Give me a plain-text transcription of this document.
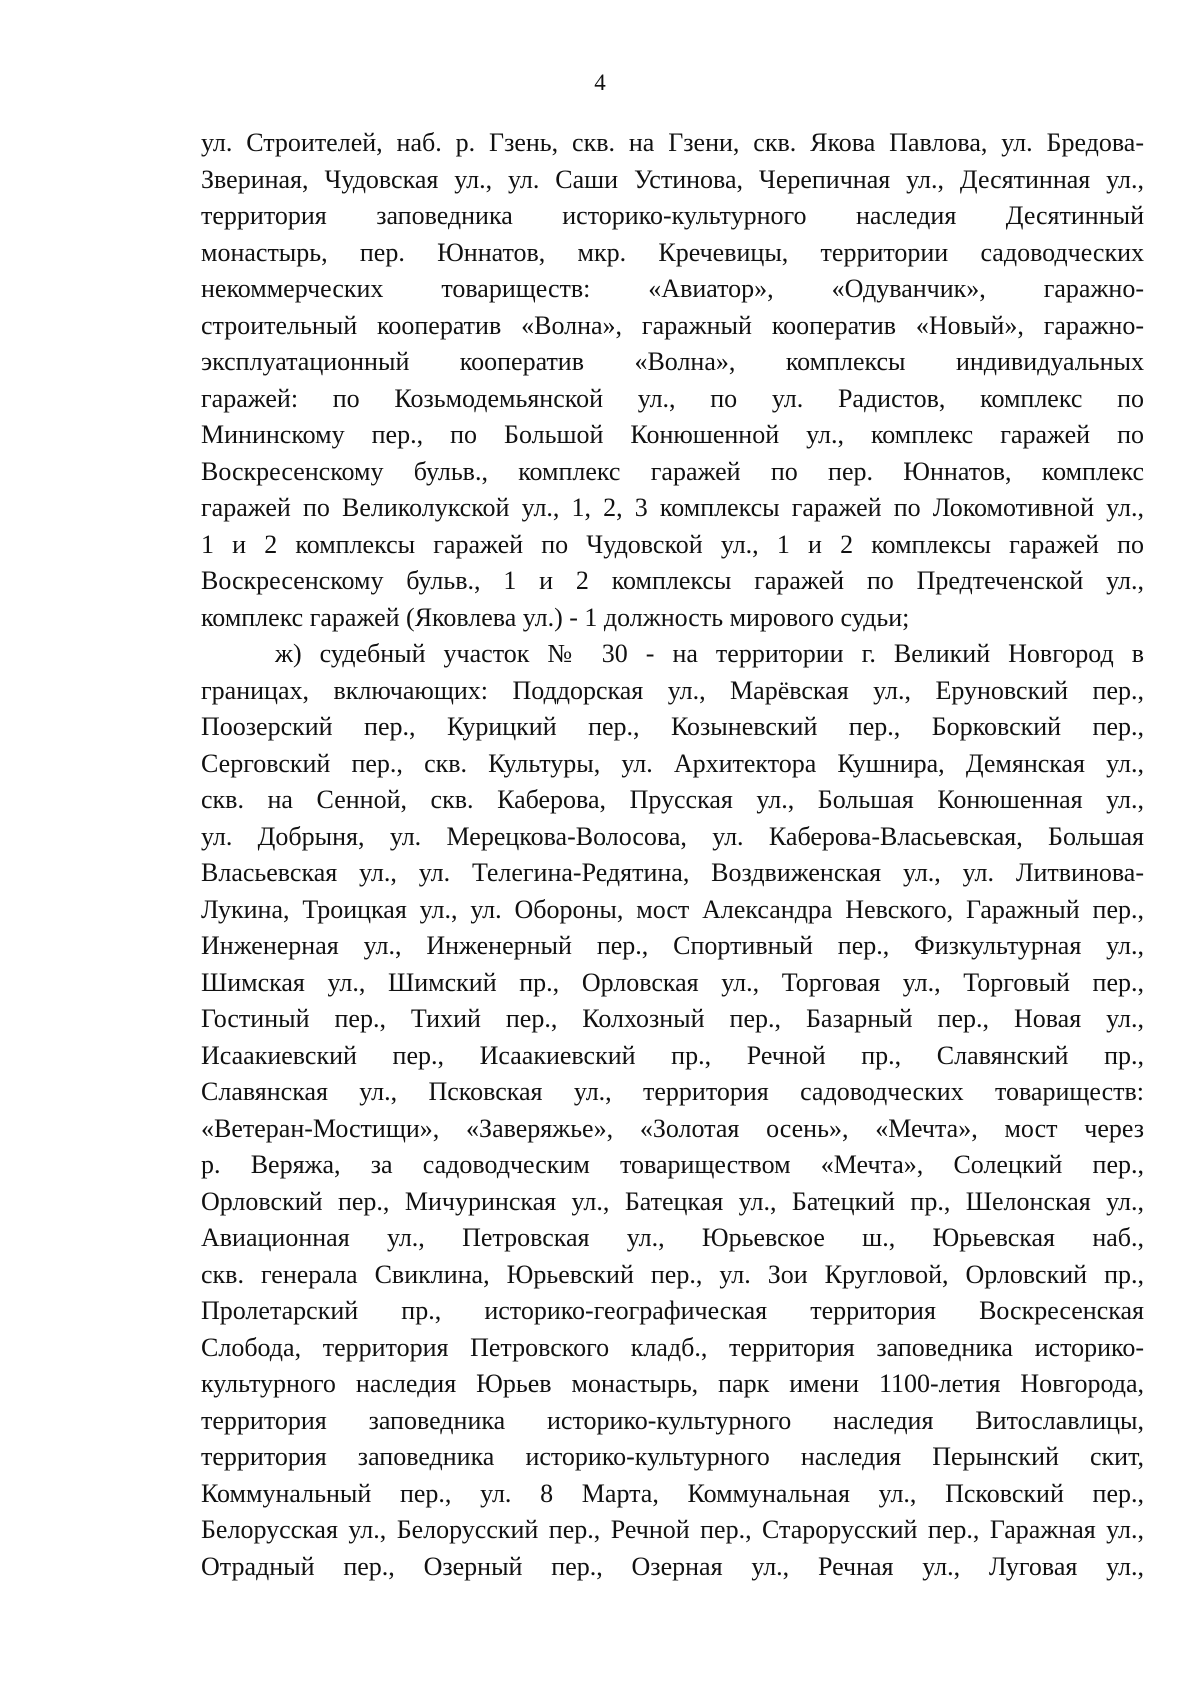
4
ул. Строителей, наб. р. Гзень, скв. на Гзени, скв. Якова Павлова, ул. Бредова-
Звериная, Чудовская ул., ул. Саши Устинова, Черепичная ул., Десятинная ул.,
территория заповедника историко-культурного наследия Десятинный
монастырь, пер. Юннатов, мкр. Кречевицы, территории садоводческих
некоммерческих товариществ: «Авиатор», «Одуванчик», гаражно-
строительный кооператив «Волна», гаражный кооператив «Новый», гаражно-
эксплуатационный кооператив «Волна», комплексы индивидуальных
гаражей: по Козьмодемьянской ул., по ул. Радистов, комплекс по
Мининскому пер., по Большой Конюшенной ул., комплекс гаражей по
Воскресенскому бульв., комплекс гаражей по пер. Юннатов, комплекс
гаражей по Великолукской ул., 1, 2, 3 комплексы гаражей по Локомотивной ул.,
1 и 2 комплексы гаражей по Чудовской ул., 1 и 2 комплексы гаражей по
Воскресенскому бульв., 1 и 2 комплексы гаражей по Предтеченской ул.,
комплекс гаражей (Яковлева ул.) - 1 должность мирового судьи;
ж) судебный участок № 30 - на территории г. Великий Новгород в
границах, включающих: Поддорская ул., Марёвская ул., Еруновский пер.,
Поозерский пер., Курицкий пер., Козыневский пер., Борковский пер.,
Серговский пер., скв. Культуры, ул. Архитектора Кушнира, Демянская ул.,
скв. на Сенной, скв. Каберова, Прусская ул., Большая Конюшенная ул.,
ул. Добрыня, ул. Мерецкова-Волосова, ул. Каберова-Власьевская, Большая
Власьевская ул., ул. Телегина-Редятина, Воздвиженская ул., ул. Литвинова-
Лукина, Троицкая ул., ул. Обороны, мост Александра Невского, Гаражный пер.,
Инженерная ул., Инженерный пер., Спортивный пер., Физкультурная ул.,
Шимская ул., Шимский пр., Орловская ул., Торговая ул., Торговый пер.,
Гостиный пер., Тихий пер., Колхозный пер., Базарный пер., Новая ул.,
Исаакиевский пер., Исаакиевский пр., Речной пр., Славянский пр.,
Славянская ул., Псковская ул., территория садоводческих товариществ:
«Ветеран-Мостищи», «Заверяжье», «Золотая осень», «Мечта», мост через
р. Веряжа, за садоводческим товариществом «Мечта», Солецкий пер.,
Орловский пер., Мичуринская ул., Батецкая ул., Батецкий пр., Шелонская ул.,
Авиационная ул., Петровская ул., Юрьевское ш., Юрьевская наб.,
скв. генерала Свиклина, Юрьевский пер., ул. Зои Кругловой, Орловский пр.,
Пролетарский пр., историко-географическая территория Воскресенская
Слобода, территория Петровского кладб., территория заповедника историко-
культурного наследия Юрьев монастырь, парк имени 1100-летия Новгорода,
территория заповедника историко-культурного наследия Витославлицы,
территория заповедника историко-культурного наследия Перынский скит,
Коммунальный пер., ул. 8 Марта, Коммунальная ул., Псковский пер.,
Белорусская ул., Белорусский пер., Речной пер., Старорусский пер., Гаражная ул.,
Отрадный пер., Озерный пер., Озерная ул., Речная ул., Луговая ул.,
